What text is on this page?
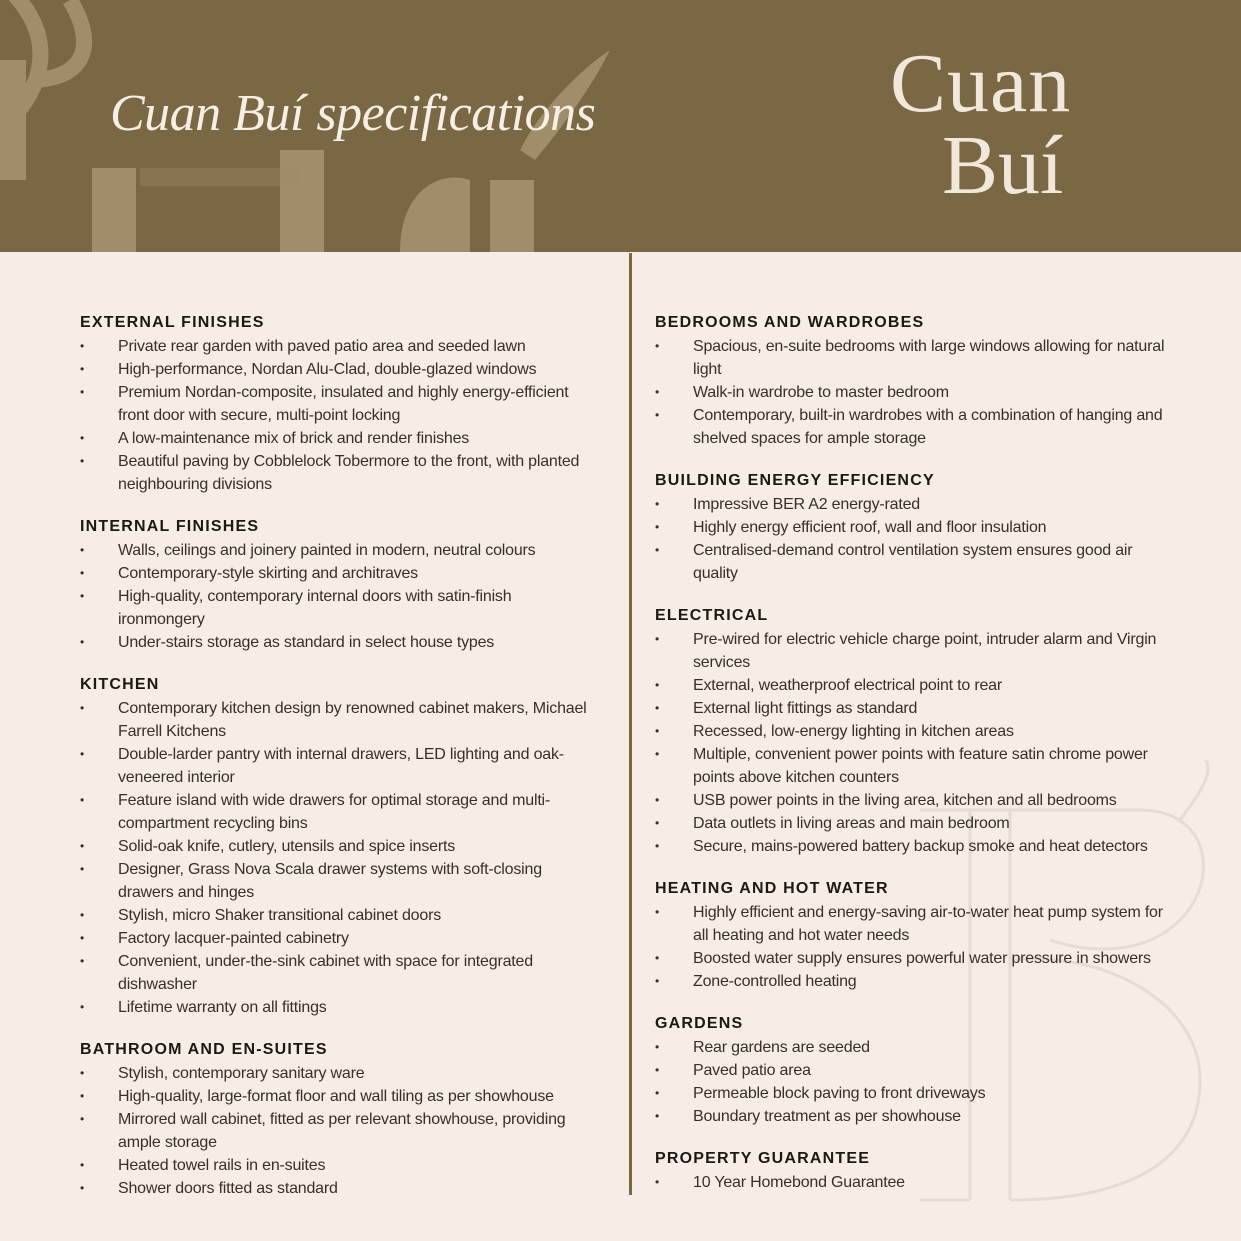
Cuan Buí specifications	Cuan
Buí
EXTERNAL FINISHES
•	Private rear garden with paved patio area and seeded lawn
•	High-performance, Nordan Alu-Clad, double-glazed windows
•	Premium Nordan-composite, insulated and highly energy-efficient front door with secure, multi-point locking
•	A low-maintenance mix of brick and render finishes
•	Beautiful paving by Cobblelock Tobermore to the front, with planted neighbouring divisions
INTERNAL FINISHES
•	Walls, ceilings and joinery painted in modern, neutral colours
•	Contemporary-style skirting and architraves
•	High-quality, contemporary internal doors with satin-finish ironmongery
•	Under-stairs storage as standard in select house types
KITCHEN
•	Contemporary kitchen design by renowned cabinet makers, Michael Farrell Kitchens
•	Double-larder pantry with internal drawers, LED lighting and oak-veneered interior
•	Feature island with wide drawers for optimal storage and multi-compartment recycling bins
•	Solid-oak knife, cutlery, utensils and spice inserts
•	Designer, Grass Nova Scala drawer systems with soft-closing drawers and hinges
•	Stylish, micro Shaker transitional cabinet doors
•	Factory lacquer-painted cabinetry
•	Convenient, under-the-sink cabinet with space for integrated dishwasher
•	Lifetime warranty on all fittings
BATHROOM AND EN-SUITES
•	Stylish, contemporary sanitary ware
•	High-quality, large-format floor and wall tiling as per showhouse
•	Mirrored wall cabinet, fitted as per relevant showhouse, providing ample storage
•	Heated towel rails in en-suites
•	Shower doors fitted as standard
BEDROOMS AND WARDROBES
•	Spacious, en-suite bedrooms with large windows allowing for natural light
•	Walk-in wardrobe to master bedroom
•	Contemporary, built-in wardrobes with a combination of hanging and shelved spaces for ample storage
BUILDING ENERGY EFFICIENCY
•	Impressive BER A2 energy-rated
•	Highly energy efficient roof, wall and floor insulation
•	Centralised-demand control ventilation system ensures good air quality
ELECTRICAL
•	Pre-wired for electric vehicle charge point, intruder alarm and Virgin services
•	External, weatherproof electrical point to rear
•	External light fittings as standard
•	Recessed, low-energy lighting in kitchen areas
•	Multiple, convenient power points with feature satin chrome power points above kitchen counters
•	USB power points in the living area, kitchen and all bedrooms
•	Data outlets in living areas and main bedroom
•	Secure, mains-powered battery backup smoke and heat detectors
HEATING AND HOT WATER
•	Highly efficient and energy-saving air-to-water heat pump system for all heating and hot water needs
•	Boosted water supply ensures powerful water pressure in showers
•	Zone-controlled heating
GARDENS
•	Rear gardens are seeded
•	Paved patio area
•	Permeable block paving to front driveways
•	Boundary treatment as per showhouse
PROPERTY GUARANTEE
•	10 Year Homebond Guarantee
